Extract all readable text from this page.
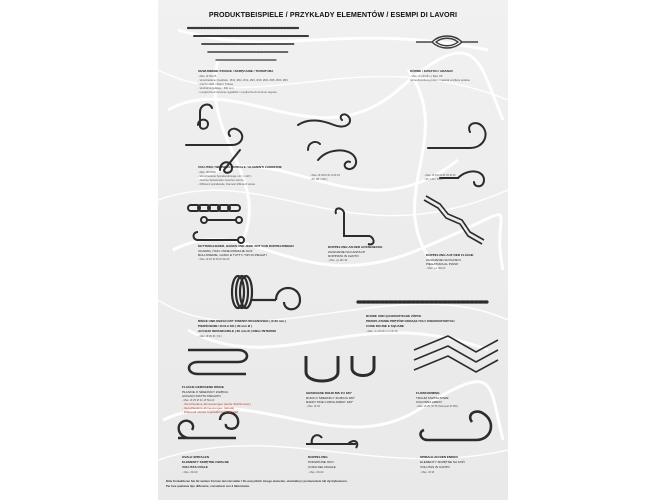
PRODUKTBEISPIELE / PRZYKŁADY ELEMENTÓW / ESEMPI DI LAVORI
GEWUNDENE STANGE / SKRĘCANIE / TORSITURA
- Max. Ø 30x15
- Verschiedene Quadrate : Ø10, Ø12, Ø14, Ø16, Ø18, Ø20, Ø25, Ø30, Ø40
- Flache stahl / Stahl / Tubare
- Verdrehungslänge : 600 mm
- Lunghezza di torsione regolabile / Lunghezza di torsione segreta
KÖRBE / KOSZYKI / ARANAV
- Max. 4 x Ø 25 x ( Bad. 1B
(ohne Anordnung bitte) / materiał możliwie podane
VOLUTEN / WIRBELN / SPIRALE / ELEMENTI ZAKRETNE
- Max. Ø4 Ø28
- Verschiedene Spiralwerkzeuge mit ( x 220 )
- Diverse Spiralendes zwischen tarcza
- Differenti spiralleteile, Diametri differenti volute
- Max. Ø 45x5 Ø 14 Ø 16
- Ø ( 88 / 220 )
- Max. Ø 15x10 Ø 25 Ø 30
- Ø ( 145 / 450 )
KETTENGLIEDER, HAKEN UND JEDE ART VON DOPPELRINGEN
OGNIWA, HAKI I INNE RODZAJE OCZ
BULLONERIE, GANCI E TUTTI I TIPI DI PIEGATI
- Max. Ø 20 Ø 25 Ø 30x15
DOPPELUNG AN DER AUSSENECKE
ZAGINANIE NA KANTACH
DOPPIATA IN CANTO
- Max. po Ø4 40
DOPPELUNG AUF DER FLÄCHE
ZAGINANIE NA PŁASKO
PIEGATURA AL PIANO
- Max. po 40x10
RINGE UND REIFEN MIT INNENDURCHMESSER ( Ø 80 mm )
PIERŚCIENIE I KOŁA OD ( 80 mm Ø )
ACCIAIO INOSSIDABILE ( 80 mm Ø ) DIELL'INTERNO
- Max. Ø 30 Ø ( 33 )
RUNDE UND QUADRATISCHE ZÖPFE
PRZEPLATANIE PRĘTÓW OKRĄGŁYCH I KWADRATOWYCH
CORE ROUNE E SQUARE
- Max. 4 x Ø 20 x 4 x Ø 16
FLACHE GEBOGENE RINGE
PŁASKIE O ŚREDNICY ZGIĘCIA
ACCIAIO PIATTO PIEGATO
- Max. Ø 25 Ø 30, Ø 50x10
- Verschiedene Abmessungen (siehe Sichtfenster)
- Verschiedene abmessungen (tabela)
- Differenti misure regolabili (vedi tabella)
GEBOGENE ROHR BIS ZU 180°
RURA O ŚREDNICY ZGIĘCIA 180°
RADIO TIDE CURVA ARRAY 180°
- Max. Ø 42
FLOWFORMING
TRAUM KSZTAŁTOWE
COLONNA ARRAY
- Max. Ø 25, Ø 35 (Stempel Ø 350)
OVALE SPIRALEN
ELEMENTY SKRĘTNE OWALNE
VOLUTAS OVALE
- Max. 20x10
DOPPELUNG
PODWÓJNE OKO
CODA DEL MAIALE
- Max. 20x10
SPIRALE AN DEN ENDEN
ELEMENTY SKRĘTNE NA KOŃ
VOLUTAS IN CANTO
- Max. 20 Ø
Bitte Kontaktieren Sie für weitere Formen den Hersteller / Do wszystkich innego elementu, skontaktuj z producentem lub dystrybutorem.
Per fare qualsiasi tipo differente, consultarsi con il fabbricante.
